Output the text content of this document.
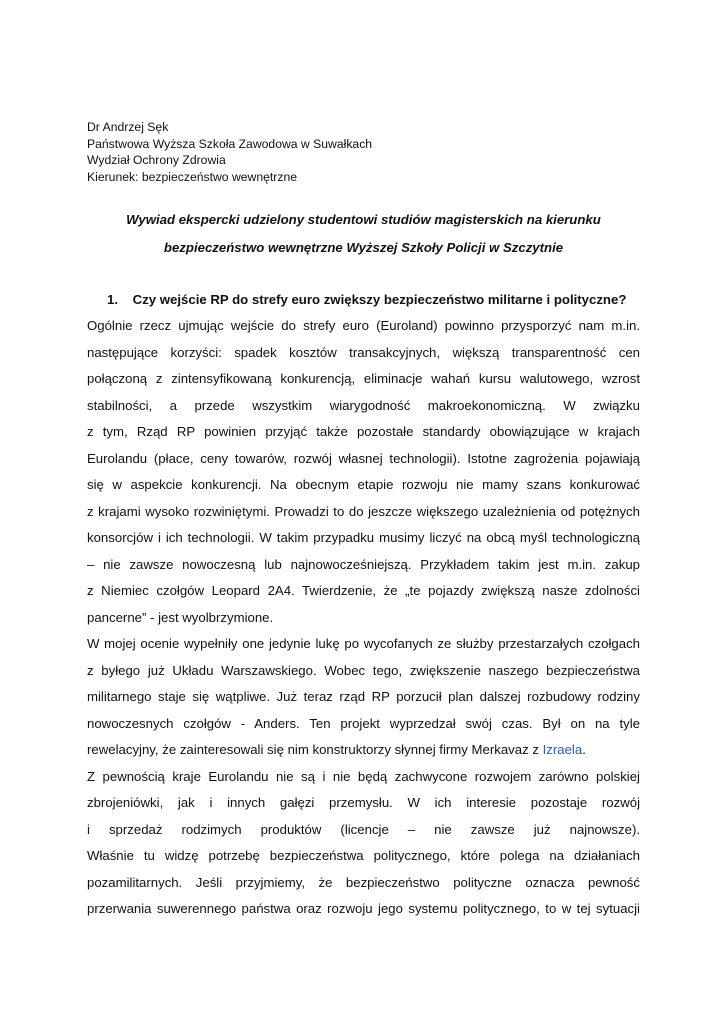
Dr Andrzej Sęk
Państwowa Wyższa Szkoła Zawodowa w Suwałkach
Wydział Ochrony Zdrowia
Kierunek: bezpieczeństwo wewnętrzne
Wywiad ekspercki udzielony studentowi studiów magisterskich na kierunku
bezpieczeństwo wewnętrzne Wyższej Szkoły Policji w Szczytnie
1. Czy wejście RP do strefy euro zwiększy bezpieczeństwo militarne i polityczne?
Ogólnie rzecz ujmując wejście do strefy euro (Euroland) powinno przysporzyć nam m.in.
następujące korzyści: spadek kosztów transakcyjnych, większą transparentność cen
połączoną z zintensyfikowaną konkurencją, eliminacje wahań kursu walutowego, wzrost
stabilności, a przede wszystkim wiarygodność makroekonomiczną. W związku
z tym, Rząd RP powinien przyjąć także pozostałe standardy obowiązujące w krajach
Eurolandu (płace, ceny towarów, rozwój własnej technologii). Istotne zagrożenia pojawiają
się w aspekcie konkurencji. Na obecnym etapie rozwoju nie mamy szans konkurować
z krajami wysoko rozwiniętymi. Prowadzi to do jeszcze większego uzależnienia od potężnych
konsorcjów i ich technologii. W takim przypadku musimy liczyć na obcą myśl technologiczną
– nie zawsze nowoczesną lub najnowocześniejszą. Przykładem takim jest m.in. zakup
z Niemiec czołgów Leopard 2A4. Twierdzenie, że „te pojazdy zwiększą nasze zdolności
pancerne” - jest wyolbrzymione.
W mojej ocenie wypełniły one jedynie lukę po wycofanych ze służby przestarzałych czołgach
z byłego już Układu Warszawskiego. Wobec tego, zwiększenie naszego bezpieczeństwa
militarnego staje się wątpliwe. Już teraz rząd RP porzucił plan dalszej rozbudowy rodziny
nowoczesnych czołgów - Anders. Ten projekt wyprzedzał swój czas. Był on na tyle
rewelacyjny, że zainteresowali się nim konstruktorzy słynnej firmy Merkavaz z Izraela.
Z pewnością kraje Eurolandu nie są i nie będą zachwycone rozwojem zarówno polskiej
zbrojeniówki, jak i innych gałęzi przemysłu. W ich interesie pozostaje rozwój
i sprzedaż rodzimych produktów (licencje – nie zawsze już najnowsze).
Właśnie tu widzę potrzebę bezpieczeństwa politycznego, które polega na działaniach
pozamilitarnych. Jeśli przyjmiemy, że bezpieczeństwo polityczne oznacza pewność
przerwania suwerennego państwa oraz rozwoju jego systemu politycznego, to w tej sytuacji
